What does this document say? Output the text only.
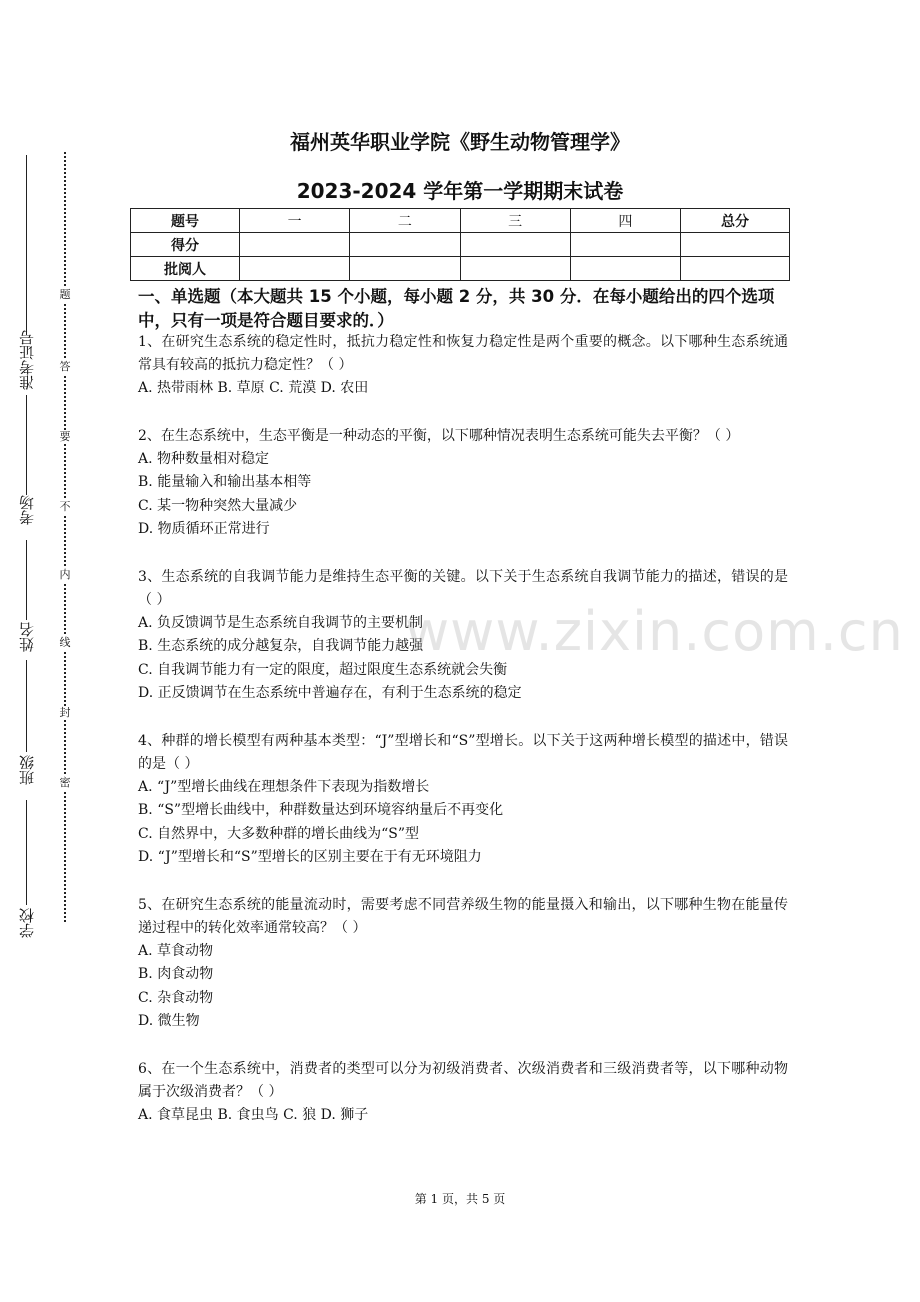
准考证号
考场
姓名
班级
学校
题
答
要
不
内
线
封
密
福州英华职业学院《野生动物管理学》
2023-2024 学年第一学期期末试卷
题号	一	二	三	四	总分
得分					
批阅人					
一、单选题（本大题共 15 个小题，每小题 2 分，共 30 分．在每小题给出的四个选项中，只有一项是符合题目要求的．）
1、在研究生态系统的稳定性时，抵抗力稳定性和恢复力稳定性是两个重要的概念。以下哪种生态系统通常具有较高的抵抗力稳定性？（ ）
A. 热带雨林 B. 草原 C. 荒漠 D. 农田
2、在生态系统中，生态平衡是一种动态的平衡，以下哪种情况表明生态系统可能失去平衡？（ ）
A. 物种数量相对稳定
B. 能量输入和输出基本相等
C. 某一物种突然大量减少
D. 物质循环正常进行
3、生态系统的自我调节能力是维持生态平衡的关键。以下关于生态系统自我调节能力的描述，错误的是（ ）
A. 负反馈调节是生态系统自我调节的主要机制
B. 生态系统的成分越复杂，自我调节能力越强
C. 自我调节能力有一定的限度，超过限度生态系统就会失衡
D. 正反馈调节在生态系统中普遍存在，有利于生态系统的稳定
4、种群的增长模型有两种基本类型：“J”型增长和“S”型增长。以下关于这两种增长模型的描述中，错误的是（ ）
A. “J”型增长曲线在理想条件下表现为指数增长
B. “S”型增长曲线中，种群数量达到环境容纳量后不再变化
C. 自然界中，大多数种群的增长曲线为“S”型
D. “J”型增长和“S”型增长的区别主要在于有无环境阻力
5、在研究生态系统的能量流动时，需要考虑不同营养级生物的能量摄入和输出，以下哪种生物在能量传递过程中的转化效率通常较高？（ ）
A. 草食动物
B. 肉食动物
C. 杂食动物
D. 微生物
6、在一个生态系统中，消费者的类型可以分为初级消费者、次级消费者和三级消费者等，以下哪种动物属于次级消费者？（ ）
A. 食草昆虫 B. 食虫鸟 C. 狼 D. 狮子
www.zixin.com.cn
第 1 页，共 5 页
